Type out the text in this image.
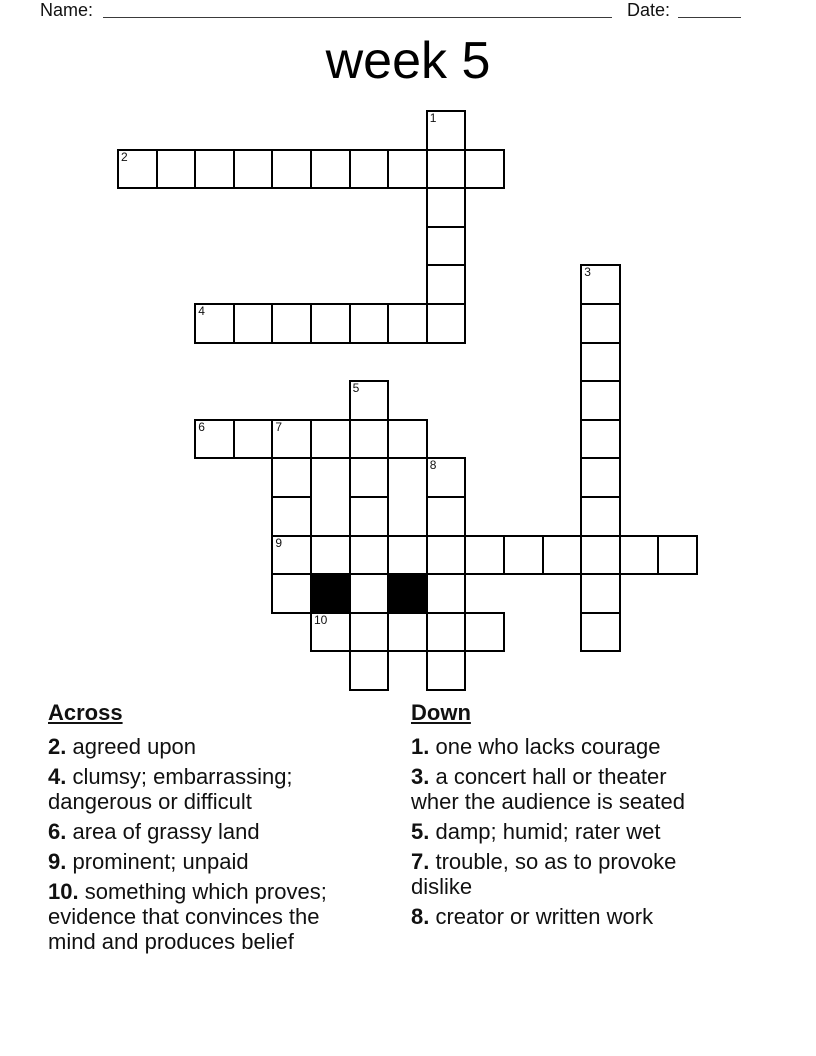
Name:	Date:
week 5
1
2
3
4
5
6	7
8
9
10
Across
2. agreed upon
4. clumsy; embarrassing; dangerous or difficult
6. area of grassy land
9. prominent; unpaid
10. something which proves; evidence that convinces the mind and produces belief
Down
1. one who lacks courage
3. a concert hall or theater wher the audience is seated
5. damp; humid; rater wet
7. trouble, so as to provoke dislike
8. creator or written work
